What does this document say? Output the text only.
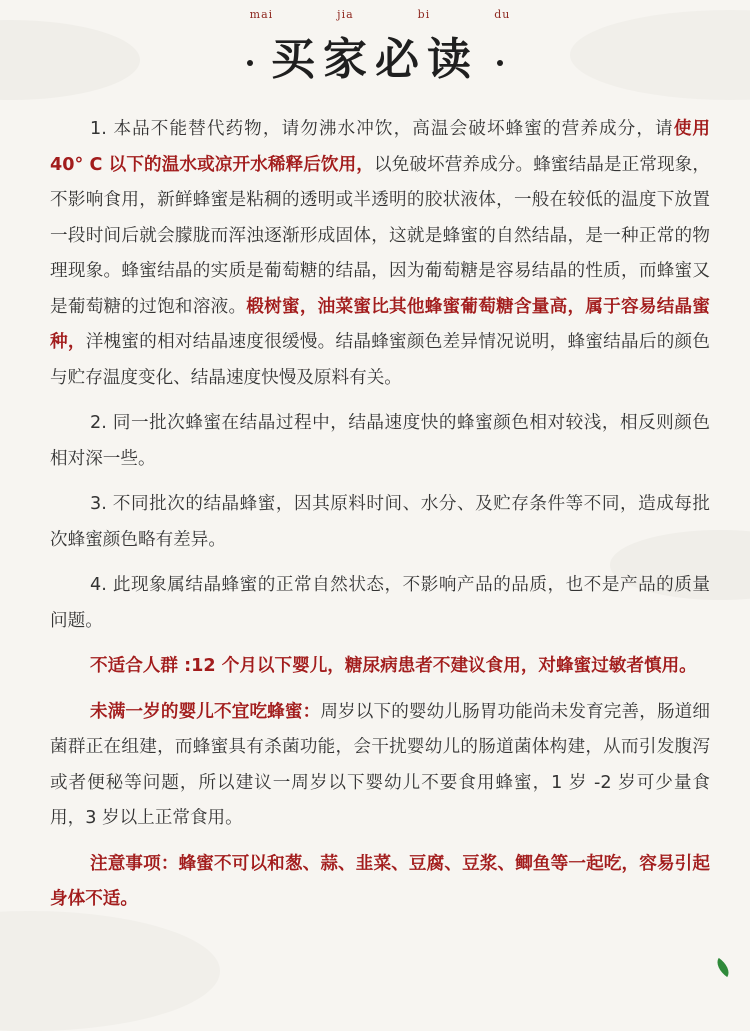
mai	jia	bi	du
买家必读

1. 本品不能替代药物，请勿沸水冲饮，高温会破坏蜂蜜的营养成分，请使用 40° C 以下的温水或凉开水稀释后饮用，以免破坏营养成分。蜂蜜结晶是正常现象，不影响食用，新鲜蜂蜜是粘稠的透明或半透明的胶状液体，一般在较低的温度下放置一段时间后就会朦胧而浑浊逐渐形成固体，这就是蜂蜜的自然结晶，是一种正常的物理现象。蜂蜜结晶的实质是葡萄糖的结晶，因为葡萄糖是容易结晶的性质，而蜂蜜又是葡萄糖的过饱和溶液。椴树蜜，油菜蜜比其他蜂蜜葡萄糖含量高，属于容易结晶蜜种，洋槐蜜的相对结晶速度很缓慢。结晶蜂蜜颜色差异情况说明，蜂蜜结晶后的颜色与贮存温度变化、结晶速度快慢及原料有关。

2. 同一批次蜂蜜在结晶过程中，结晶速度快的蜂蜜颜色相对较浅，相反则颜色相对深一些。

3. 不同批次的结晶蜂蜜，因其原料时间、水分、及贮存条件等不同，造成每批次蜂蜜颜色略有差异。

4. 此现象属结晶蜂蜜的正常自然状态，不影响产品的品质，也不是产品的质量问题。

不适合人群 :12 个月以下婴儿，糖尿病患者不建议食用，对蜂蜜过敏者慎用。

未满一岁的婴儿不宜吃蜂蜜：周岁以下的婴幼儿肠胃功能尚未发育完善，肠道细菌群正在组建，而蜂蜜具有杀菌功能，会干扰婴幼儿的肠道菌体构建，从而引发腹泻或者便秘等问题，所以建议一周岁以下婴幼儿不要食用蜂蜜，1 岁 -2 岁可少量食用，3 岁以上正常食用。

注意事项：蜂蜜不可以和葱、蒜、韭菜、豆腐、豆浆、鲫鱼等一起吃，容易引起身体不适。
